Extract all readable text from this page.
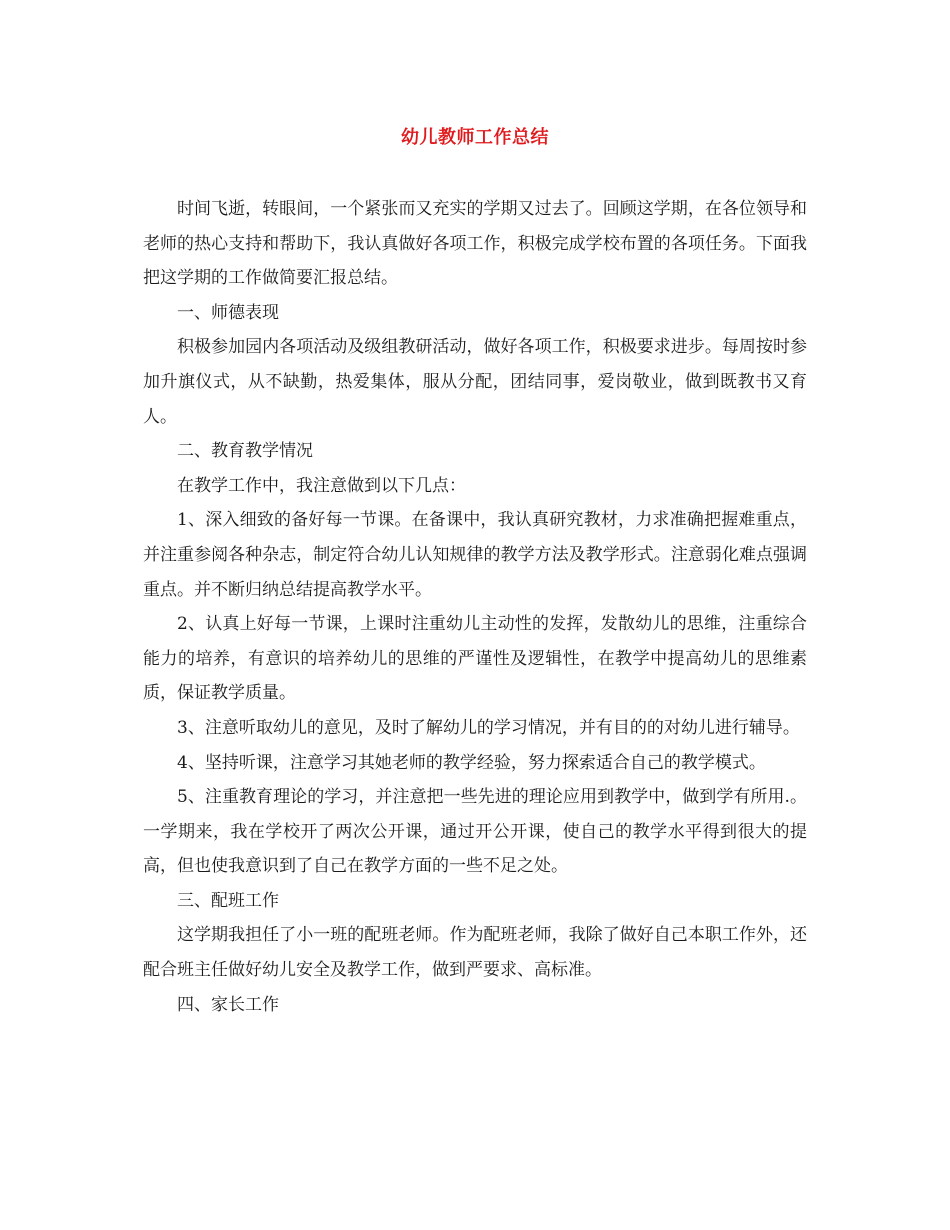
幼儿教师工作总结

时间飞逝，转眼间，一个紧张而又充实的学期又过去了。回顾这学期，在各位领导和老师的热心支持和帮助下，我认真做好各项工作，积极完成学校布置的各项任务。下面我把这学期的工作做简要汇报总结。

一、师德表现

积极参加园内各项活动及级组教研活动，做好各项工作，积极要求进步。每周按时参加升旗仪式，从不缺勤，热爱集体，服从分配，团结同事，爱岗敬业，做到既教书又育人。

二、教育教学情况

在教学工作中，我注意做到以下几点：

1、深入细致的备好每一节课。在备课中，我认真研究教材，力求准确把握难重点，并注重参阅各种杂志，制定符合幼儿认知规律的教学方法及教学形式。注意弱化难点强调重点。并不断归纳总结提高教学水平。

2、认真上好每一节课，上课时注重幼儿主动性的发挥，发散幼儿的思维，注重综合能力的培养，有意识的培养幼儿的思维的严谨性及逻辑性，在教学中提高幼儿的思维素质，保证教学质量。

3、注意听取幼儿的意见，及时了解幼儿的学习情况，并有目的的对幼儿进行辅导。

4、坚持听课，注意学习其她老师的教学经验，努力探索适合自己的教学模式。

5、注重教育理论的学习，并注意把一些先进的理论应用到教学中，做到学有所用.。一学期来，我在学校开了两次公开课，通过开公开课，使自己的教学水平得到很大的提高，但也使我意识到了自己在教学方面的一些不足之处。

三、配班工作

这学期我担任了小一班的配班老师。作为配班老师，我除了做好自己本职工作外，还配合班主任做好幼儿安全及教学工作，做到严要求、高标准。

四、家长工作
